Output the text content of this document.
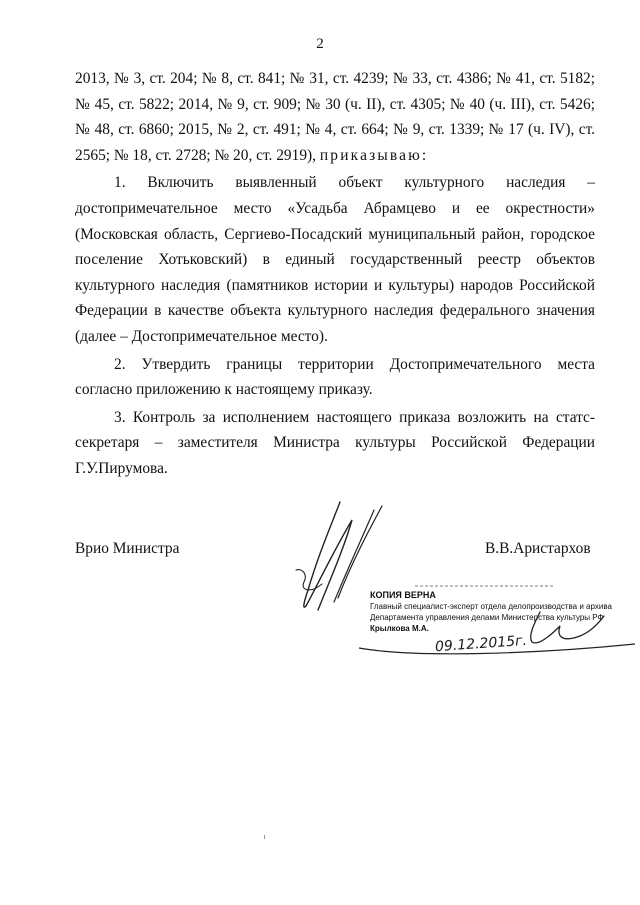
2

2013, № 3, ст. 204; № 8, ст. 841; № 31, ст. 4239; № 33, ст. 4386; № 41, ст. 5182; № 45, ст. 5822; 2014, № 9, ст. 909; № 30 (ч. II), ст. 4305; № 40 (ч. III), ст. 5426; № 48, ст. 6860; 2015, № 2, ст. 491; № 4, ст. 664; № 9, ст. 1339; № 17 (ч. IV), ст. 2565; № 18, ст. 2728; № 20, ст. 2919), приказываю:

1. Включить выявленный объект культурного наследия – достопримечательное место «Усадьба Абрамцево и ее окрестности» (Московская область, Сергиево-Посадский муниципальный район, городское поселение Хотьковский) в единый государственный реестр объектов культурного наследия (памятников истории и культуры) народов Российской Федерации в качестве объекта культурного наследия федерального значения (далее – Достопримечательное место).

2. Утвердить границы территории Достопримечательного места согласно приложению к настоящему приказу.

3. Контроль за исполнением настоящего приказа возложить на статс-секретаря – заместителя Министра культуры Российской Федерации Г.У.Пирумова.

Врио Министра	В.В.Аристархов
КОПИЯ ВЕРНА
Главный специалист-эксперт отдела делопроизводства и архива
Департамента управления делами Министерства культуры РФ
Крылкова М.А.
09.12.2015г.
